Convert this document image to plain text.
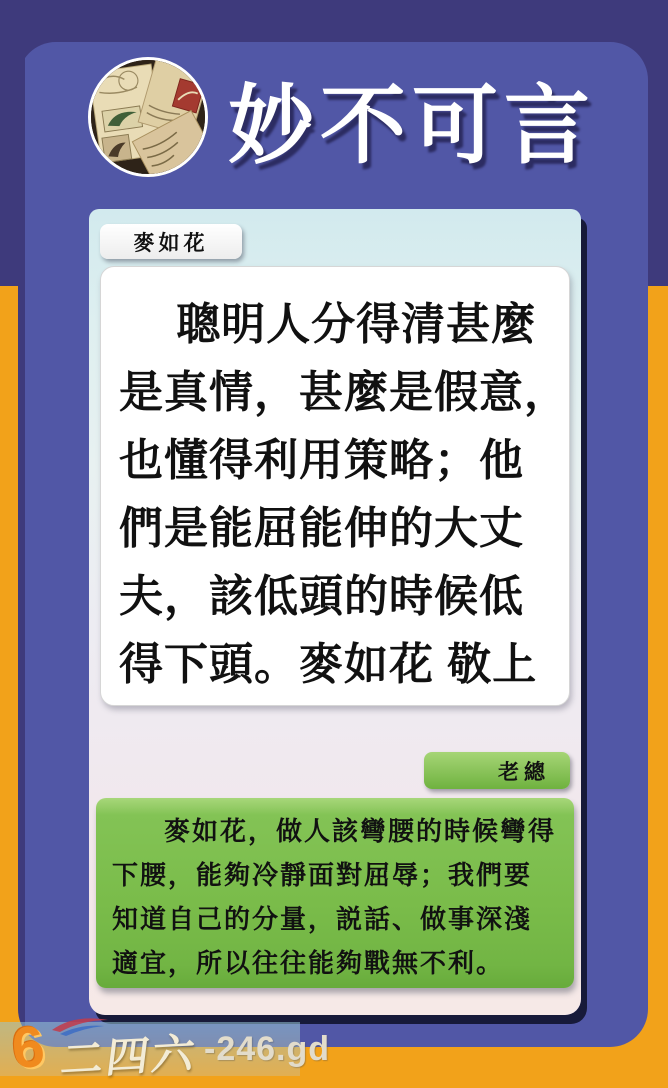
妙不可言
麥如花
聰明人分得清甚麼
是真情，甚麼是假意，
也懂得利用策略；他
們是能屈能伸的大丈
夫，該低頭的時候低
得下頭。麥如花 敬上
老總
麥如花，做人該彎腰的時候彎得
下腰，能夠冷靜面對屈辱；我們要
知道自己的分量，説話、做事深淺
適宜，所以往往能夠戰無不利。
6 二四六 -246.gd
